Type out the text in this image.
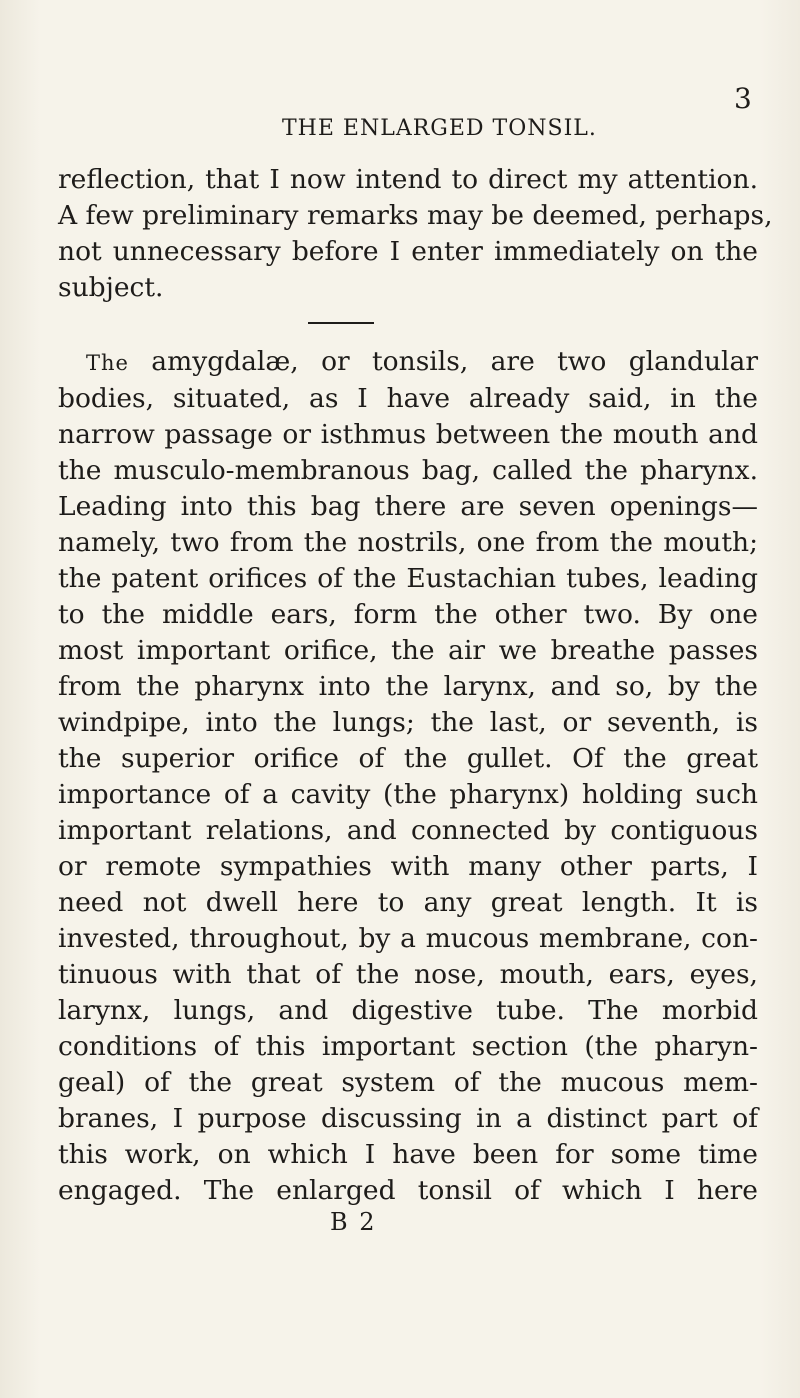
THE ENLARGED TONSIL.
3
reflection, that I now intend to direct my attention.
A few preliminary remarks may be deemed, perhaps,
not unnecessary before I enter immediately on the
subject.
The amygdalæ, or tonsils, are two glandular
bodies, situated, as I have already said, in the
narrow passage or isthmus between the mouth and
the musculo-membranous bag, called the pharynx.
Leading into this bag there are seven openings—
namely, two from the nostrils, one from the mouth;
the patent orifices of the Eustachian tubes, leading
to the middle ears, form the other two. By one
most important orifice, the air we breathe passes
from the pharynx into the larynx, and so, by the
windpipe, into the lungs; the last, or seventh, is
the superior orifice of the gullet. Of the great
importance of a cavity (the pharynx) holding such
important relations, and connected by contiguous
or remote sympathies with many other parts, I
need not dwell here to any great length. It is
invested, throughout, by a mucous membrane, con-
tinuous with that of the nose, mouth, ears, eyes,
larynx, lungs, and digestive tube. The morbid
conditions of this important section (the pharyn-
geal) of the great system of the mucous mem-
branes, I purpose discussing in a distinct part of
this work, on which I have been for some time
engaged. The enlarged tonsil of which I here
B 2
